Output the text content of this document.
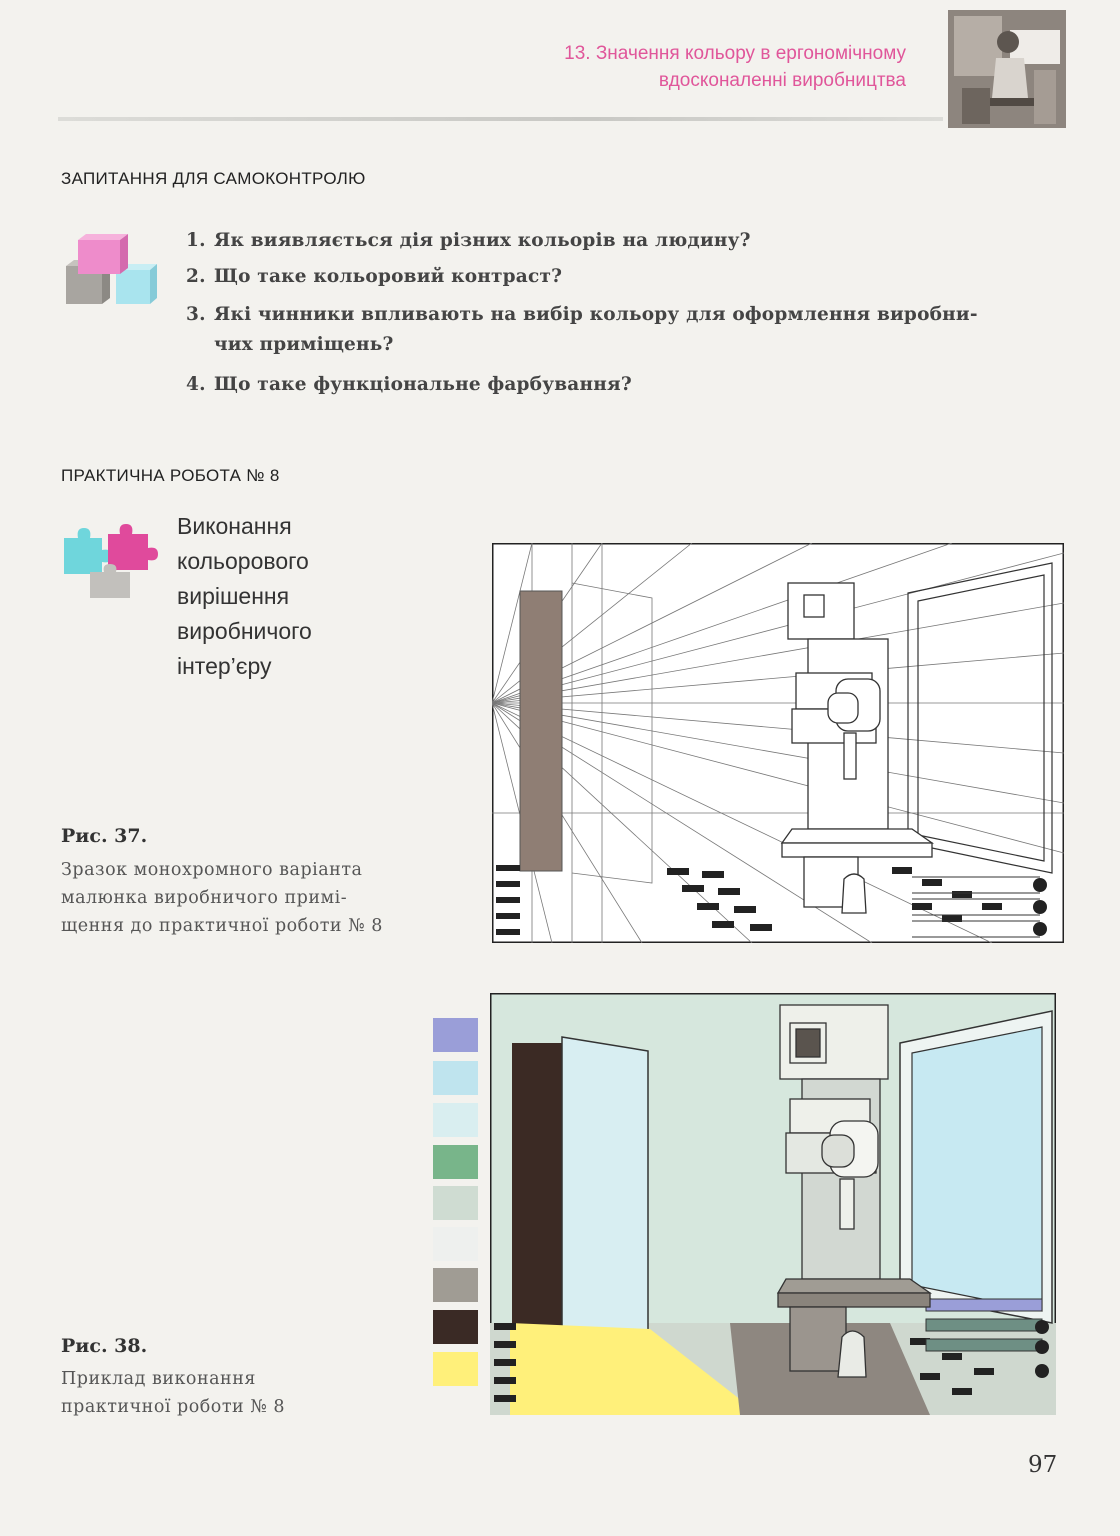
13. Значення кольору в ергономічному
вдосконаленні виробництва
ЗАПИТАННЯ ДЛЯ САМОКОНТРОЛЮ
1. Як виявляється дія різних кольорів на людину?
2. Що таке кольоровий контраст?
3. Які чинники впливають на вибір кольору для оформлення виробни-
чих приміщень?
4. Що таке функціональне фарбування?
ПРАКТИЧНА РОБОТА № 8
Виконання
кольорового
вирішення
виробничого
інтер’єру
Рис. 37.
Зразок монохромного варіанта
малюнка виробничого примі-
щення до практичної роботи № 8
Рис. 38.
Приклад виконання
практичної роботи № 8
97
